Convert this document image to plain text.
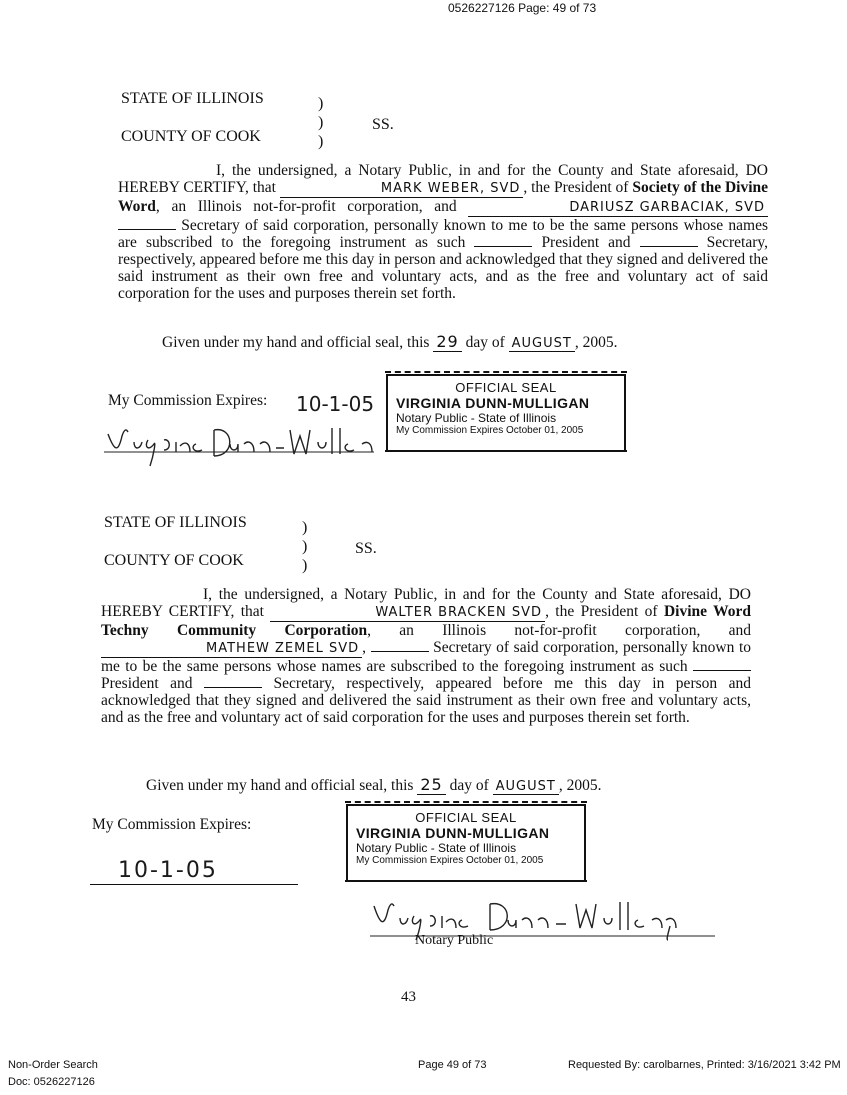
0526227126 Page: 49 of 73
STATE OF ILLINOIS
COUNTY OF COOK
)
)
)
SS.
I, the undersigned, a Notary Public, in and for the County and State aforesaid, DO HEREBY CERTIFY, that	MARK WEBER, SVD , the President of Society of the Divine Word, an Illinois not-for-profit corporation, and	DARIUSZ GARBACIAK, SVD  Secretary of said corporation, personally known to me to be the same persons whose names are subscribed to the foregoing instrument as such	President and	Secretary, respectively, appeared before me this day in person and acknowledged that they signed and delivered the said instrument as their own free and voluntary acts, and as the free and voluntary act of said corporation for the uses and purposes therein set forth.
Given under my hand and official seal, this 29 day of AUGUST , 2005.
My Commission Expires: 10-1-05
OFFICIAL SEAL
VIRGINIA DUNN-MULLIGAN
Notary Public - State of Illinois
My Commission Expires October 01, 2005
STATE OF ILLINOIS
COUNTY OF COOK
)
)
)
SS.
I, the undersigned, a Notary Public, in and for the County and State aforesaid, DO HEREBY CERTIFY, that	WALTER BRACKEN SVD , the President of Divine Word Techny Community Corporation, an Illinois not-for-profit corporation, and MATHEW ZEMEL SVD ,	Secretary of said corporation, personally known to me to be the same persons whose names are subscribed to the foregoing instrument as such  President and	Secretary, respectively, appeared before me this day in person and acknowledged that they signed and delivered the said instrument as their own free and voluntary acts, and as the free and voluntary act of said corporation for the uses and purposes therein set forth.
Given under my hand and official seal, this 25 day of AUGUST , 2005.
My Commission Expires:
10-1-05
OFFICIAL SEAL
VIRGINIA DUNN-MULLIGAN
Notary Public - State of Illinois
My Commission Expires October 01, 2005
Notary Public
43
Non-Order Search
Doc: 0526227126
Page 49 of 73	Requested By: carolbarnes, Printed: 3/16/2021 3:42 PM
